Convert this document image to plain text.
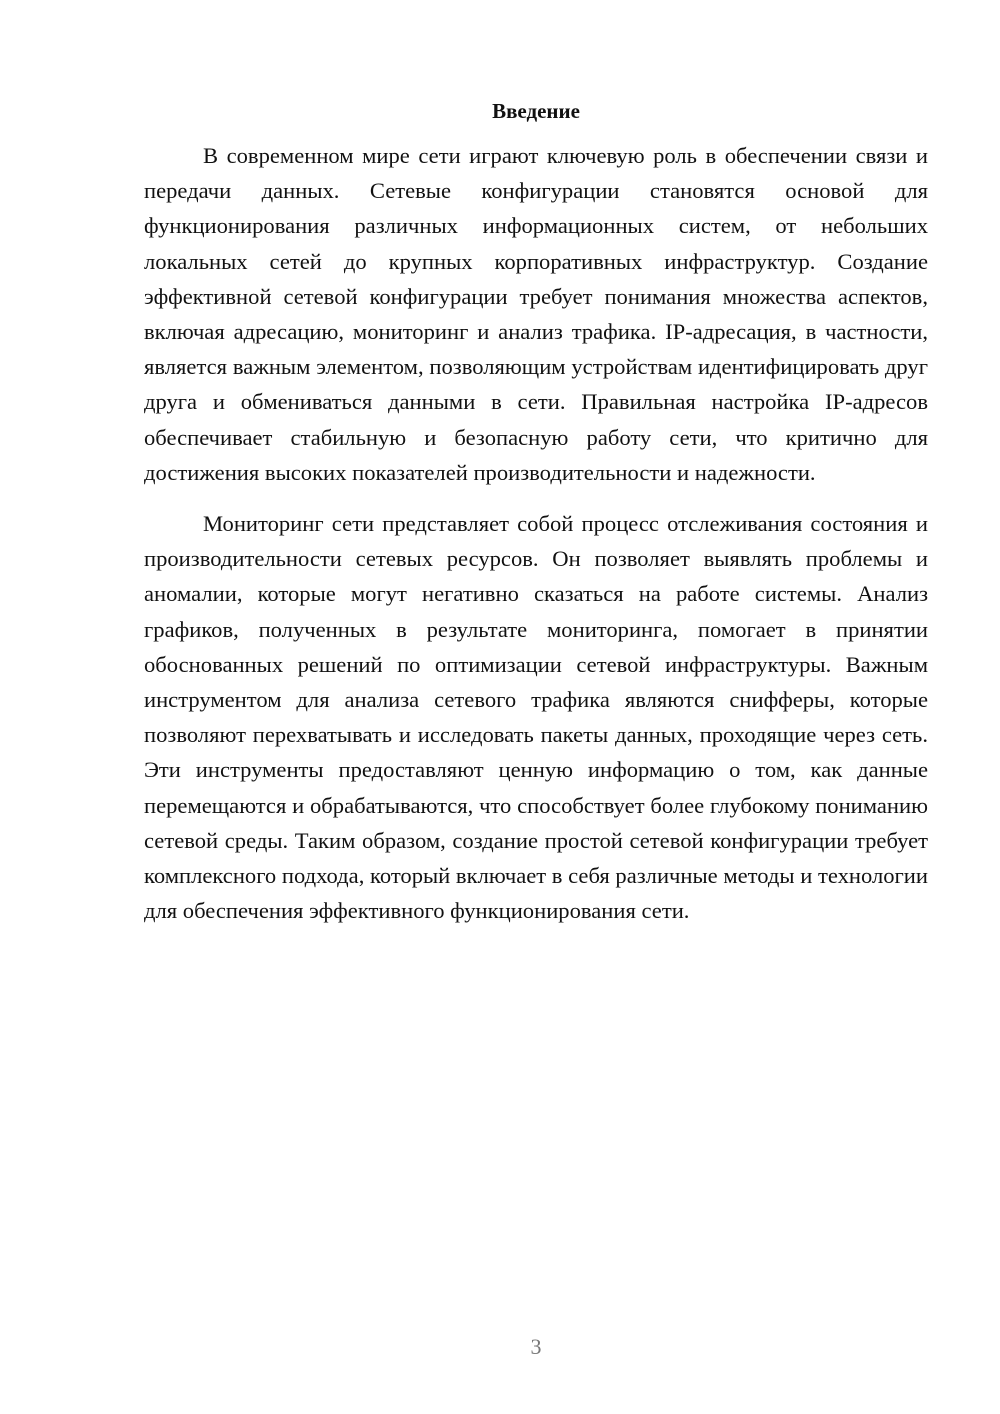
Введение

В современном мире сети играют ключевую роль в обеспечении связи и передачи данных. Сетевые конфигурации становятся основой для функционирования различных информационных систем, от небольших локальных сетей до крупных корпоративных инфраструктур. Создание эффективной сетевой конфигурации требует понимания множества аспектов, включая адресацию, мониторинг и анализ трафика. IP-адресация, в частности, является важным элементом, позволяющим устройствам идентифицировать друг друга и обмениваться данными в сети. Правильная настройка IP-адресов обеспечивает стабильную и безопасную работу сети, что критично для достижения высоких показателей производительности и надежности.

Мониторинг сети представляет собой процесс отслеживания состояния и производительности сетевых ресурсов. Он позволяет выявлять проблемы и аномалии, которые могут негативно сказаться на работе системы. Анализ графиков, полученных в результате мониторинга, помогает в принятии обоснованных решений по оптимизации сетевой инфраструктуры. Важным инструментом для анализа сетевого трафика являются снифферы, которые позволяют перехватывать и исследовать пакеты данных, проходящие через сеть. Эти инструменты предоставляют ценную информацию о том, как данные перемещаются и обрабатываются, что способствует более глубокому пониманию сетевой среды. Таким образом, создание простой сетевой конфигурации требует комплексного подхода, который включает в себя различные методы и технологии для обеспечения эффективного функционирования сети.

3
